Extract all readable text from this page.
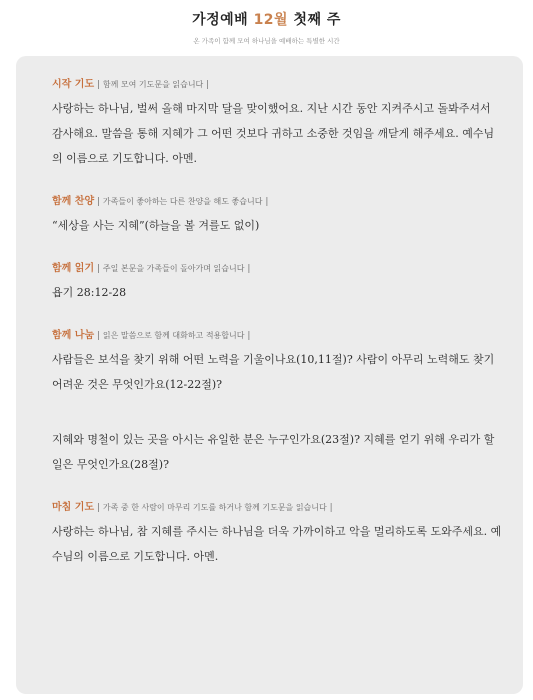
가정예배 12월 첫째 주
온 가족이 함께 모여 하나님을 예배하는 특별한 시간
시작 기도 | 함께 모여 기도문을 읽습니다 |
사랑하는 하나님, 벌써 올해 마지막 달을 맞이했어요. 지난 시간 동안 지켜주시고 돌봐주셔서 감사해요. 말씀을 통해 지혜가 그 어떤 것보다 귀하고 소중한 것임을 깨닫게 해주세요. 예수님의 이름으로 기도합니다. 아멘.
함께 찬양 | 가족들이 좋아하는 다른 찬양을 해도 좋습니다 |
“세상을 사는 지혜”(하늘을 볼 겨를도 없이)
함께 읽기 | 주일 본문을 가족들이 돌아가며 읽습니다 |
욥기 28:12-28
함께 나눔 | 읽은 말씀으로 함께 대화하고 적용합니다 |
사람들은 보석을 찾기 위해 어떤 노력을 기울이나요(10,11절)? 사람이 아무리 노력해도 찾기 어려운 것은 무엇인가요(12-22절)?
지혜와 명철이 있는 곳을 아시는 유일한 분은 누구인가요(23절)? 지혜를 얻기 위해 우리가 할 일은 무엇인가요(28절)?
마침 기도 | 가족 중 한 사람이 마무리 기도를 하거나 함께 기도문을 읽습니다 |
사랑하는 하나님, 참 지혜를 주시는 하나님을 더욱 가까이하고 악을 멀리하도록 도와주세요. 예수님의 이름으로 기도합니다. 아멘.
